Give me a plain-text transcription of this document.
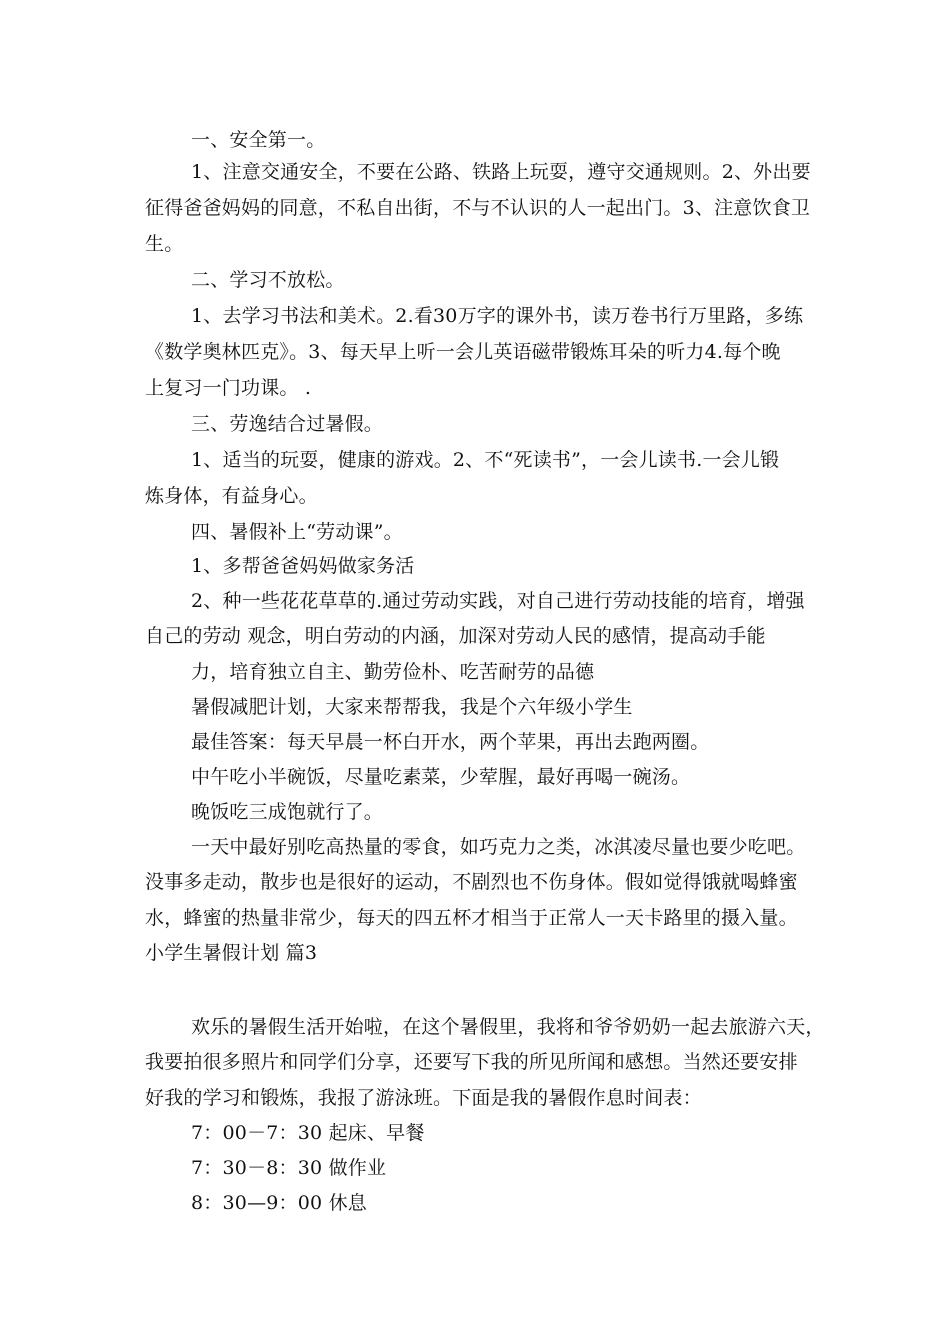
一、安全第一。
1、注意交通安全，不要在公路、铁路上玩耍，遵守交通规则。2、外出要
征得爸爸妈妈的同意，不私自出街，不与不认识的人一起出门。3、注意饮食卫
生。
二、学习不放松。
1、去学习书法和美术。2.看30万字的课外书，读万卷书行万里路，多练
《数学奥林匹克》。3、每天早上听一会儿英语磁带锻炼耳朵的听力4.每个晚
上复习一门功课。 .
三、劳逸结合过暑假。
1、适当的玩耍，健康的游戏。2、不“死读书”，一会儿读书.一会儿锻
炼身体，有益身心。
四、暑假补上“劳动课”。
1、多帮爸爸妈妈做家务活
2、种一些花花草草的.通过劳动实践，对自己进行劳动技能的培育，增强
自己的劳动 观念，明白劳动的内涵，加深对劳动人民的感情，提高动手能
力，培育独立自主、勤劳俭朴、吃苦耐劳的品德
暑假减肥计划，大家来帮帮我，我是个六年级小学生
最佳答案：每天早晨一杯白开水，两个苹果，再出去跑两圈。
中午吃小半碗饭，尽量吃素菜，少荤腥，最好再喝一碗汤。
晚饭吃三成饱就行了。
一天中最好别吃高热量的零食，如巧克力之类，冰淇凌尽量也要少吃吧。
没事多走动，散步也是很好的运动，不剧烈也不伤身体。假如觉得饿就喝蜂蜜
水，蜂蜜的热量非常少，每天的四五杯才相当于正常人一天卡路里的摄入量。
小学生暑假计划 篇3
欢乐的暑假生活开始啦，在这个暑假里，我将和爷爷奶奶一起去旅游六天，
我要拍很多照片和同学们分享，还要写下我的所见所闻和感想。当然还要安排
好我的学习和锻炼，我报了游泳班。下面是我的暑假作息时间表：
7：00－7：30 起床、早餐
7：30－8：30 做作业
8：30—9：00 休息
